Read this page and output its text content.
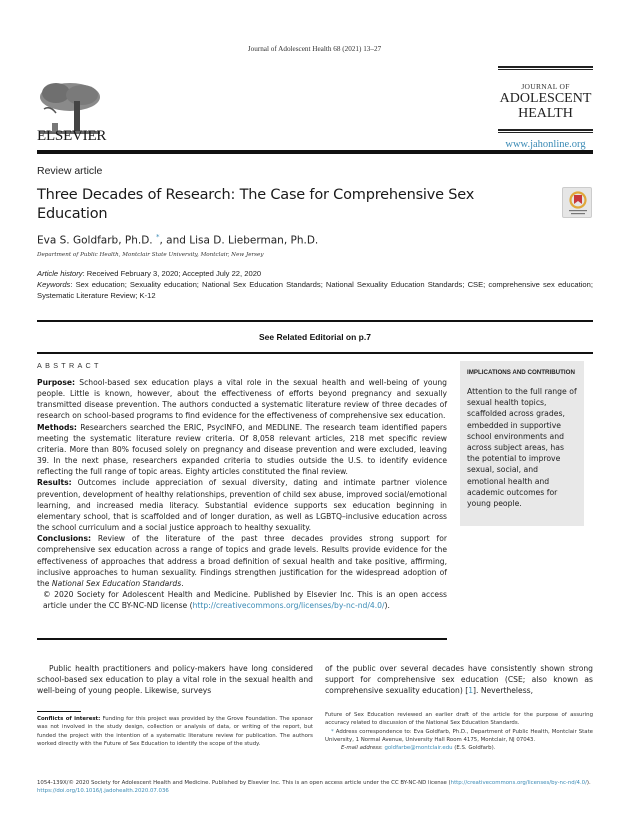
Journal of Adolescent Health 68 (2021) 13–27
ELSEVIER
JOURNAL OF
ADOLESCENT
HEALTH
www.jahonline.org
Review article
Three Decades of Research: The Case for Comprehensive Sex Education
Eva S. Goldfarb, Ph.D. *, and Lisa D. Lieberman, Ph.D.
Department of Public Health, Montclair State University, Montclair, New Jersey
Article history: Received February 3, 2020; Accepted July 22, 2020
Keywords: Sex education; Sexuality education; National Sex Education Standards; National Sexuality Education Standards; CSE; comprehensive sex education; Systematic Literature Review; K-12
See Related Editorial on p.7
ABSTRACT

Purpose: School-based sex education plays a vital role in the sexual health and well-being of young people. Little is known, however, about the effectiveness of efforts beyond pregnancy and sexually transmitted disease prevention. The authors conducted a systematic literature review of three decades of research on school-based programs to find evidence for the effectiveness of comprehensive sex education.

Methods: Researchers searched the ERIC, PsycINFO, and MEDLINE. The research team identified papers meeting the systematic literature review criteria. Of 8,058 relevant articles, 218 met specific review criteria. More than 80% focused solely on pregnancy and disease prevention and were excluded, leaving 39. In the next phase, researchers expanded criteria to studies outside the U.S. to identify evidence reflecting the full range of topic areas. Eighty articles constituted the final review.

Results: Outcomes include appreciation of sexual diversity, dating and intimate partner violence prevention, development of healthy relationships, prevention of child sex abuse, improved social/emotional learning, and increased media literacy. Substantial evidence supports sex education beginning in elementary school, that is scaffolded and of longer duration, as well as LGBTQ–inclusive education across the school curriculum and a social justice approach to healthy sexuality.

Conclusions: Review of the literature of the past three decades provides strong support for comprehensive sex education across a range of topics and grade levels. Results provide evidence for the effectiveness of approaches that address a broad definition of sexual health and take positive, affirming, inclusive approaches to human sexuality. Findings strengthen justification for the widespread adoption of the National Sex Education Standards.

© 2020 Society for Adolescent Health and Medicine. Published by Elsevier Inc. This is an open access article under the CC BY-NC-ND license (http://creativecommons.org/licenses/by-nc-nd/4.0/).

IMPLICATIONS AND CONTRIBUTION
Attention to the full range of sexual health topics, scaffolded across grades, embedded in supportive school environments and across subject areas, has the potential to improve sexual, social, and emotional health and academic outcomes for young people.
Public health practitioners and policy-makers have long considered school-based sex education to play a vital role in the sexual health and well-being of young people. Likewise, surveys
of the public over several decades have consistently shown strong support for comprehensive sex education (CSE; also known as comprehensive sexuality education) [1]. Nevertheless,
Conflicts of interest: Funding for this project was provided by the Grove Foundation. The sponsor was not involved in the study design, collection or analysis of data, or writing of the report, but funded the project with the intention of a systematic literature review for publication. The authors worked directly with the Future of Sex Education to identify the scope of the study.
Future of Sex Education reviewed an earlier draft of the article for the purpose of assuring accuracy related to discussion of the National Sex Education Standards.
* Address correspondence to: Eva Goldfarb, Ph.D., Department of Public Health, Montclair State University, 1 Normal Avenue, University Hall Room 4175, Montclair, NJ 07043.
E-mail address: goldfarbe@montclair.edu (E.S. Goldfarb).
1054-139X/© 2020 Society for Adolescent Health and Medicine. Published by Elsevier Inc. This is an open access article under the CC BY-NC-ND license (http://creativecommons.org/licenses/by-nc-nd/4.0/).
https://doi.org/10.1016/j.jadohealth.2020.07.036
